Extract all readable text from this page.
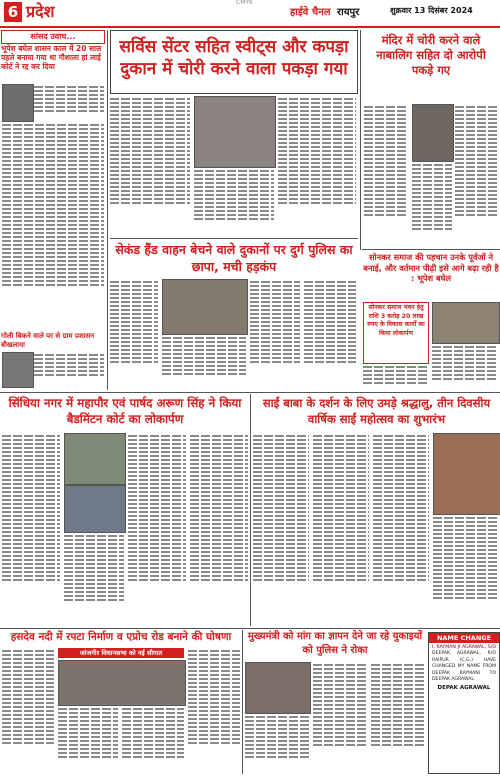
CMYK
6 प्रदेश	हाईवे चैनल रायपुर	शुक्रवार 13 दिसंबर 2024
सांसद उवाच...
भूपेश बघेल शासन काल में 20 साल पहले बनाया गया था गौशाला हां लाई कोर्ट ने रद्द कर दिया
गोली बिकने वाले पर से ग्राम प्रशासन बौखलाया
सर्विस सेंटर सहित स्वीट्स और कपड़ा दुकान में चोरी करने वाला पकड़ा गया
मंदिर में चोरी करने वाले नाबालिग सहित दो आरोपी पकड़े गए
सेकंड हैंड वाहन बेचने वाले दुकानों पर दुर्ग पुलिस का छापा, मची हड़कंप
सोनकर समाज की पहचान उनके पूर्वजों ने बनाई, और वर्तमान पीढ़ी इसे आगे बढ़ा रही है : भूपेश बघेल
सोनकर समाज भवन हेतु राशि 3 करोड़ 20 लाख रुपए के विकास कार्यों का किया लोकार्पण
सिंधिया नगर में महापौर एवं पार्षद अरूण सिंह ने किया बैडमिंटन कोर्ट का लोकार्पण
साईं बाबा के दर्शन के लिए उमड़े श्रद्धालु, तीन दिवसीय वार्षिक साईं महोत्सव का शुभारंभ
हसदेव नदी में रपटा निर्माण व एप्रोच रोड बनाने की घोषणा
जांजगीर विधानसभा को नई सौगात
मुख्यमंत्री को मांग का ज्ञापन देने जा रहे युकाइयों को पुलिस ने रोका
NAME CHANGE
I, RAYMAN JI AGRAWAL, S/O DEEPAK AGRAWAL, R/O RAIPUR (C.G.) HAVE CHANGED MY NAME FROM DEEPAK RAYMANI TO DEEPAK AGRAWAL.
DEPAK AGRAWAL
